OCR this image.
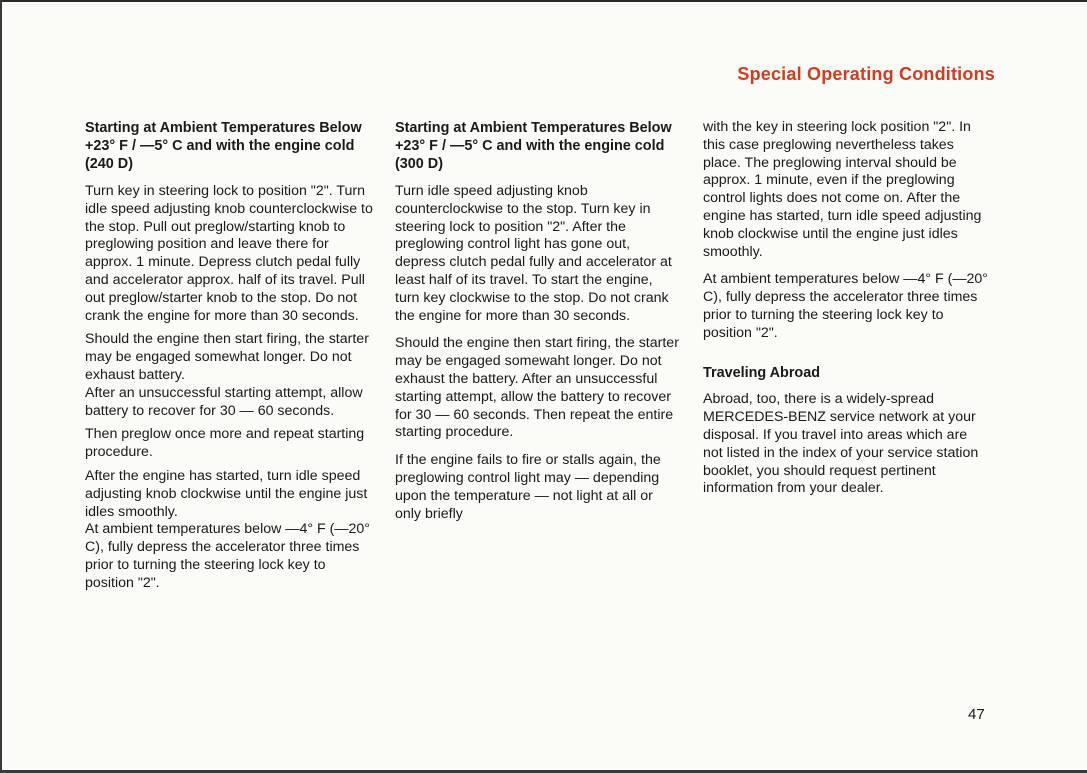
Special Operating Conditions
Starting at Ambient Temperatures Below +23° F / —5° C and with the engine cold (240 D)
Turn key in steering lock to position "2". Turn idle speed adjusting knob counterclockwise to the stop. Pull out preglow/starting knob to preglowing position and leave there for approx. 1 minute. Depress clutch pedal fully and accelerator approx. half of its travel. Pull out preglow/starter knob to the stop. Do not crank the engine for more than 30 seconds.
Should the engine then start firing, the starter may be engaged somewhat longer. Do not exhaust battery.
After an unsuccessful starting attempt, allow battery to recover for 30 — 60 seconds.
Then preglow once more and repeat starting procedure.
After the engine has started, turn idle speed adjusting knob clockwise until the engine just idles smoothly.
At ambient temperatures below —4° F (—20° C), fully depress the accelerator three times prior to turning the steering lock key to position "2".
Starting at Ambient Temperatures Below +23° F / —5° C and with the engine cold (300 D)
Turn idle speed adjusting knob counterclockwise to the stop. Turn key in steering lock to position "2". After the preglowing control light has gone out, depress clutch pedal fully and accelerator at least half of its travel. To start the engine, turn key clockwise to the stop. Do not crank the engine for more than 30 seconds.
Should the engine then start firing, the starter may be engaged somewaht longer. Do not exhaust the battery. After an unsuccessful starting attempt, allow the battery to recover for 30 — 60 seconds. Then repeat the entire starting procedure.
If the engine fails to fire or stalls again, the preglowing control light may — depending upon the temperature — not light at all or only briefly
with the key in steering lock position "2". In this case preglowing nevertheless takes place. The preglowing interval should be approx. 1 minute, even if the preglowing control lights does not come on. After the engine has started, turn idle speed adjusting knob clockwise until the engine just idles smoothly.
At ambient temperatures below —4° F (—20° C), fully depress the accelerator three times prior to turning the steering lock key to position "2".
Traveling Abroad
Abroad, too, there is a widely-spread MERCEDES-BENZ service network at your disposal. If you travel into areas which are not listed in the index of your service station booklet, you should request pertinent information from your dealer.
47
